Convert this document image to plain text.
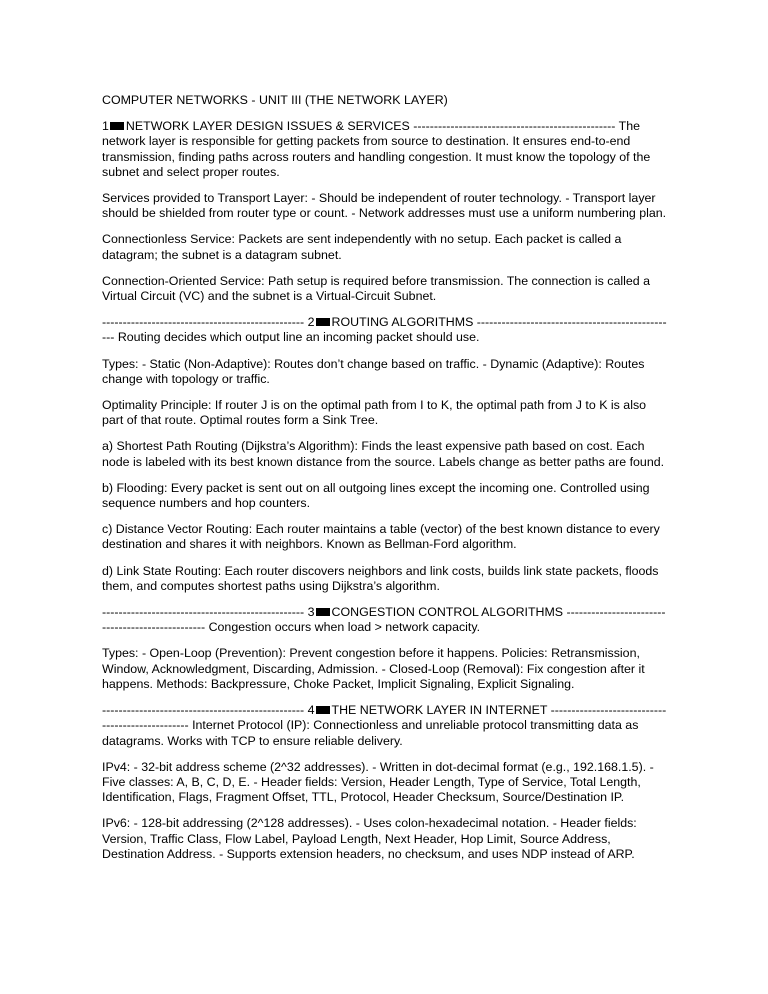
COMPUTER NETWORKS - UNIT III (THE NETWORK LAYER)

1 NETWORK LAYER DESIGN ISSUES & SERVICES ------------------------------------------------- The network layer is responsible for getting packets from source to destination. It ensures end-to-end transmission, finding paths across routers and handling congestion. It must know the topology of the subnet and select proper routes.

Services provided to Transport Layer: - Should be independent of router technology. - Transport layer should be shielded from router type or count. - Network addresses must use a uniform numbering plan.

Connectionless Service: Packets are sent independently with no setup. Each packet is called a datagram; the subnet is a datagram subnet.

Connection-Oriented Service: Path setup is required before transmission. The connection is called a Virtual Circuit (VC) and the subnet is a Virtual-Circuit Subnet.

------------------------------------------------- 2 ROUTING ALGORITHMS ------------------------------------------------- Routing decides which output line an incoming packet should use.

Types: - Static (Non-Adaptive): Routes don’t change based on traffic. - Dynamic (Adaptive): Routes change with topology or traffic.

Optimality Principle: If router J is on the optimal path from I to K, the optimal path from J to K is also part of that route. Optimal routes form a Sink Tree.

a) Shortest Path Routing (Dijkstra’s Algorithm): Finds the least expensive path based on cost. Each node is labeled with its best known distance from the source. Labels change as better paths are found.

b) Flooding: Every packet is sent out on all outgoing lines except the incoming one. Controlled using sequence numbers and hop counters.

c) Distance Vector Routing: Each router maintains a table (vector) of the best known distance to every destination and shares it with neighbors. Known as Bellman-Ford algorithm.

d) Link State Routing: Each router discovers neighbors and link costs, builds link state packets, floods them, and computes shortest paths using Dijkstra’s algorithm.

------------------------------------------------- 3 CONGESTION CONTROL ALGORITHMS ------------------------------------------------- Congestion occurs when load > network capacity.

Types: - Open-Loop (Prevention): Prevent congestion before it happens. Policies: Retransmission, Window, Acknowledgment, Discarding, Admission. - Closed-Loop (Removal): Fix congestion after it happens. Methods: Backpressure, Choke Packet, Implicit Signaling, Explicit Signaling.

------------------------------------------------- 4 THE NETWORK LAYER IN INTERNET ------------------------------------------------- Internet Protocol (IP): Connectionless and unreliable protocol transmitting data as datagrams. Works with TCP to ensure reliable delivery.

IPv4: - 32-bit address scheme (2^32 addresses). - Written in dot-decimal format (e.g., 192.168.1.5). - Five classes: A, B, C, D, E. - Header fields: Version, Header Length, Type of Service, Total Length, Identification, Flags, Fragment Offset, TTL, Protocol, Header Checksum, Source/Destination IP.

IPv6: - 128-bit addressing (2^128 addresses). - Uses colon-hexadecimal notation. - Header fields: Version, Traffic Class, Flow Label, Payload Length, Next Header, Hop Limit, Source Address, Destination Address. - Supports extension headers, no checksum, and uses NDP instead of ARP.
